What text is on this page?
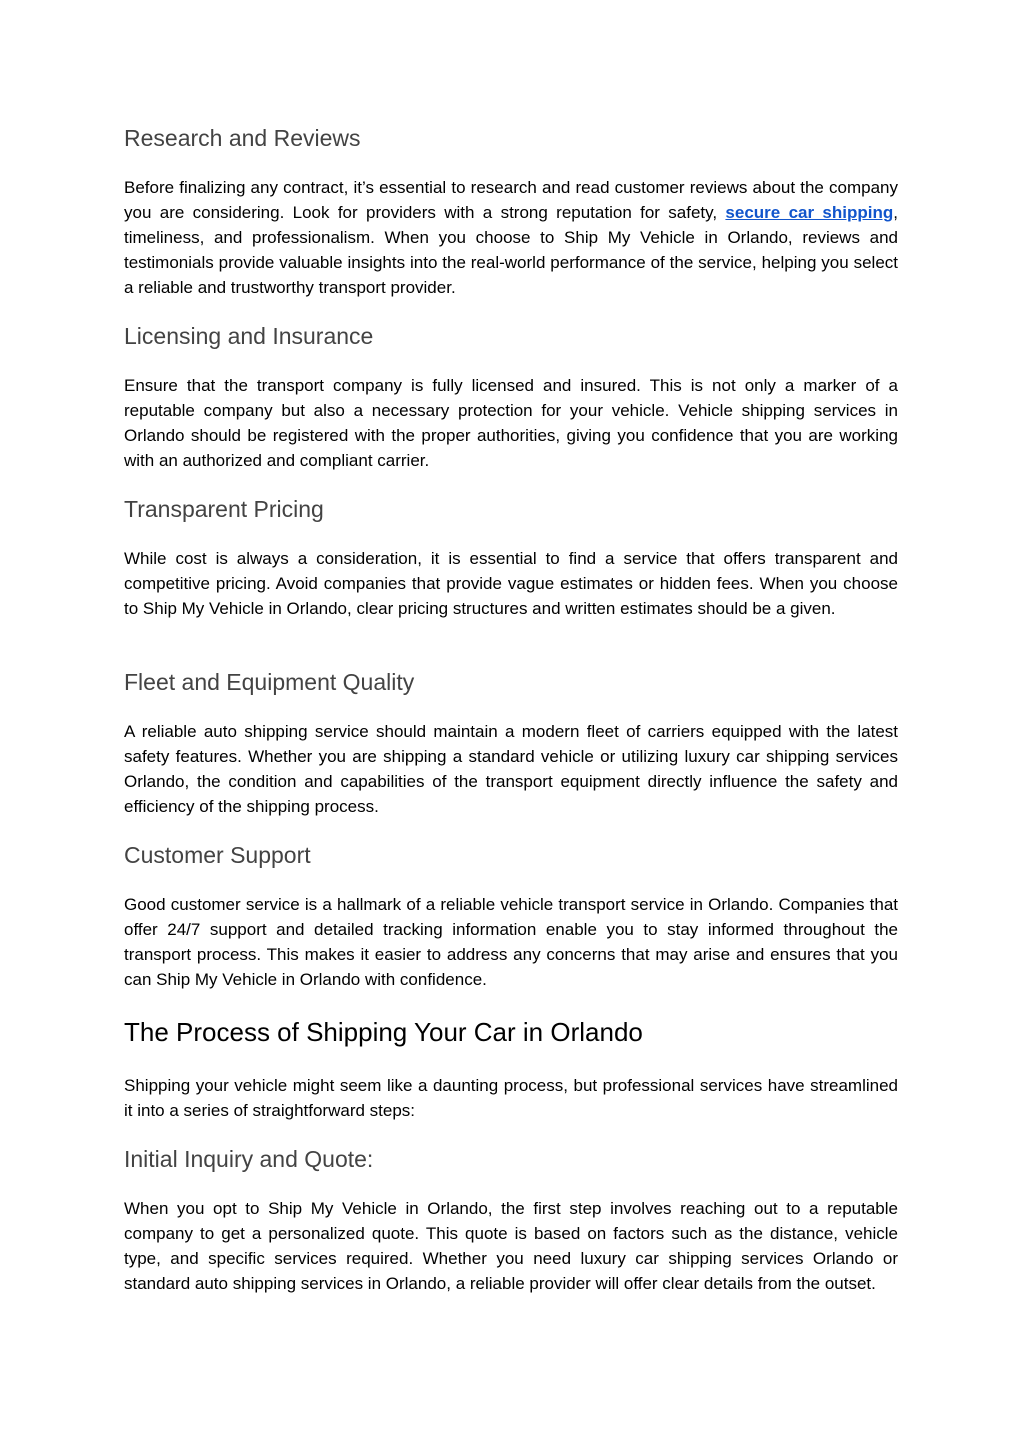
Research and Reviews

Before finalizing any contract, it’s essential to research and read customer reviews about the company you are considering. Look for providers with a strong reputation for safety, secure car shipping, timeliness, and professionalism. When you choose to Ship My Vehicle in Orlando, reviews and testimonials provide valuable insights into the real-world performance of the service, helping you select a reliable and trustworthy transport provider.

Licensing and Insurance

Ensure that the transport company is fully licensed and insured. This is not only a marker of a reputable company but also a necessary protection for your vehicle. Vehicle shipping services in Orlando should be registered with the proper authorities, giving you confidence that you are working with an authorized and compliant carrier.

Transparent Pricing

While cost is always a consideration, it is essential to find a service that offers transparent and competitive pricing. Avoid companies that provide vague estimates or hidden fees. When you choose to Ship My Vehicle in Orlando, clear pricing structures and written estimates should be a given.

Fleet and Equipment Quality

A reliable auto shipping service should maintain a modern fleet of carriers equipped with the latest safety features. Whether you are shipping a standard vehicle or utilizing luxury car shipping services Orlando, the condition and capabilities of the transport equipment directly influence the safety and efficiency of the shipping process.

Customer Support

Good customer service is a hallmark of a reliable vehicle transport service in Orlando. Companies that offer 24/7 support and detailed tracking information enable you to stay informed throughout the transport process. This makes it easier to address any concerns that may arise and ensures that you can Ship My Vehicle in Orlando with confidence.

The Process of Shipping Your Car in Orlando

Shipping your vehicle might seem like a daunting process, but professional services have streamlined it into a series of straightforward steps:

Initial Inquiry and Quote:

When you opt to Ship My Vehicle in Orlando, the first step involves reaching out to a reputable company to get a personalized quote. This quote is based on factors such as the distance, vehicle type, and specific services required. Whether you need luxury car shipping services Orlando or standard auto shipping services in Orlando, a reliable provider will offer clear details from the outset.
